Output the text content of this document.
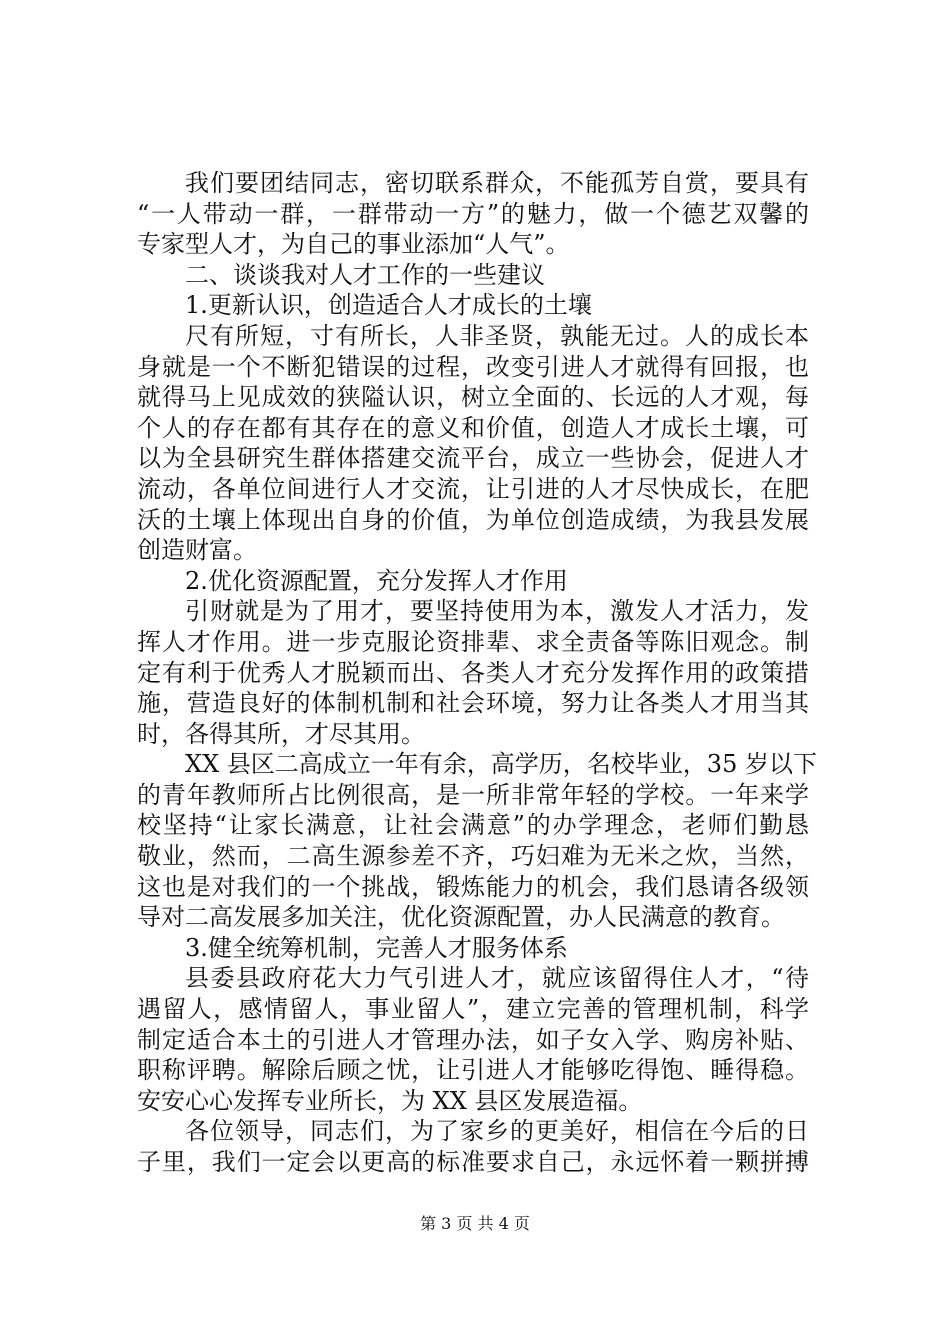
我们要团结同志，密切联系群众，不能孤芳自赏，要具有
“一人带动一群，一群带动一方”的魅力，做一个德艺双馨的
专家型人才，为自己的事业添加“人气”。
二、谈谈我对人才工作的一些建议
1.更新认识，创造适合人才成长的土壤
尺有所短，寸有所长，人非圣贤，孰能无过。人的成长本
身就是一个不断犯错误的过程，改变引进人才就得有回报，也
就得马上见成效的狭隘认识，树立全面的、长远的人才观，每
个人的存在都有其存在的意义和价值，创造人才成长土壤，可
以为全县研究生群体搭建交流平台，成立一些协会，促进人才
流动，各单位间进行人才交流，让引进的人才尽快成长，在肥
沃的土壤上体现出自身的价值，为单位创造成绩，为我县发展
创造财富。
2.优化资源配置，充分发挥人才作用
引财就是为了用才，要坚持使用为本，激发人才活力，发
挥人才作用。进一步克服论资排辈、求全责备等陈旧观念。制
定有利于优秀人才脱颖而出、各类人才充分发挥作用的政策措
施，营造良好的体制机制和社会环境，努力让各类人才用当其
时，各得其所，才尽其用。
XX 县区二高成立一年有余，高学历，名校毕业，35 岁以下
的青年教师所占比例很高，是一所非常年轻的学校。一年来学
校坚持“让家长满意，让社会满意”的办学理念，老师们勤恳
敬业，然而，二高生源参差不齐，巧妇难为无米之炊，当然，
这也是对我们的一个挑战，锻炼能力的机会，我们恳请各级领
导对二高发展多加关注，优化资源配置，办人民满意的教育。
3.健全统筹机制，完善人才服务体系
县委县政府花大力气引进人才，就应该留得住人才，“待
遇留人，感情留人，事业留人”，建立完善的管理机制，科学
制定适合本土的引进人才管理办法，如子女入学、购房补贴、
职称评聘。解除后顾之忧，让引进人才能够吃得饱、睡得稳。
安安心心发挥专业所长，为 XX 县区发展造福。
各位领导，同志们，为了家乡的更美好，相信在今后的日
子里，我们一定会以更高的标准要求自己，永远怀着一颗拼搏
第 3 页 共 4 页
